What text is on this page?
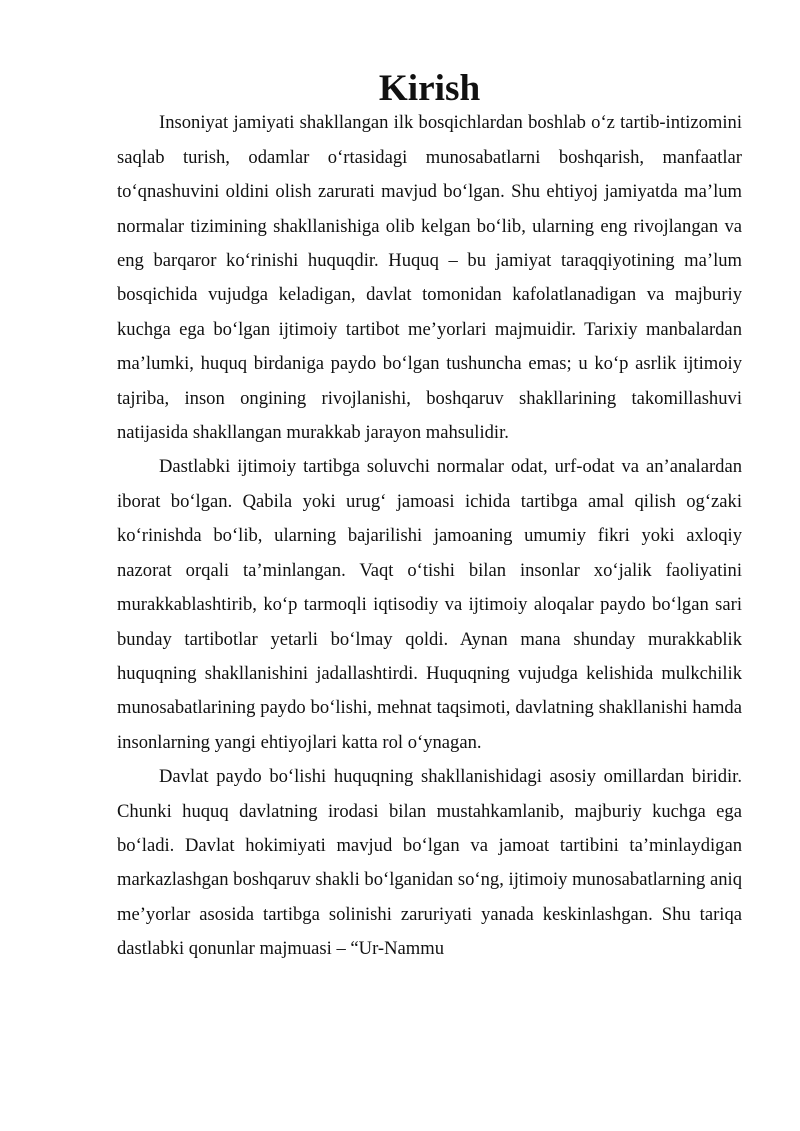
Kirish

Insoniyat jamiyati shakllangan ilk bosqichlardan boshlab o‘z tartib-intizomini saqlab turish, odamlar o‘rtasidagi munosabatlarni boshqarish, manfaatlar to‘qnashuvini oldini olish zarurati mavjud bo‘lgan. Shu ehtiyoj jamiyatda ma’lum normalar tizimining shakllanishiga olib kelgan bo‘lib, ularning eng rivojlangan va eng barqaror ko‘rinishi huquqdir. Huquq – bu jamiyat taraqqiyotining ma’lum bosqichida vujudga keladigan, davlat tomonidan kafolatlanadigan va majburiy kuchga ega bo‘lgan ijtimoiy tartibot me’yorlari majmuidir. Tarixiy manbalardan ma’lumki, huquq birdaniga paydo bo‘lgan tushuncha emas; u ko‘p asrlik ijtimoiy tajriba, inson ongining rivojlanishi, boshqaruv shakllarining takomillashuvi natijasida shakllangan murakkab jarayon mahsulidir.

Dastlabki ijtimoiy tartibga soluvchi normalar odat, urf-odat va an’analardan iborat bo‘lgan. Qabila yoki urug‘ jamoasi ichida tartibga amal qilish og‘zaki ko‘rinishda bo‘lib, ularning bajarilishi jamoaning umumiy fikri yoki axloqiy nazorat orqali ta’minlangan. Vaqt o‘tishi bilan insonlar xo‘jalik faoliyatini murakkablashtirib, ko‘p tarmoqli iqtisodiy va ijtimoiy aloqalar paydo bo‘lgan sari bunday tartibotlar yetarli bo‘lmay qoldi. Aynan mana shunday murakkablik huquqning shakllanishini jadallashtirdi. Huquqning vujudga kelishida mulkchilik munosabatlarining paydo bo‘lishi, mehnat taqsimoti, davlatning shakllanishi hamda insonlarning yangi ehtiyojlari katta rol o‘ynagan.

Davlat paydo bo‘lishi huquqning shakllanishidagi asosiy omillardan biridir. Chunki huquq davlatning irodasi bilan mustahkamlanib, majburiy kuchga ega bo‘ladi. Davlat hokimiyati mavjud bo‘lgan va jamoat tartibini ta’minlaydigan markazlashgan boshqaruv shakli bo‘lganidan so‘ng, ijtimoiy munosabatlarning aniq me’yorlar asosida tartibga solinishi zaruriyati yanada keskinlashgan. Shu tariqa dastlabki qonunlar majmuasi – “Ur-Nammu
